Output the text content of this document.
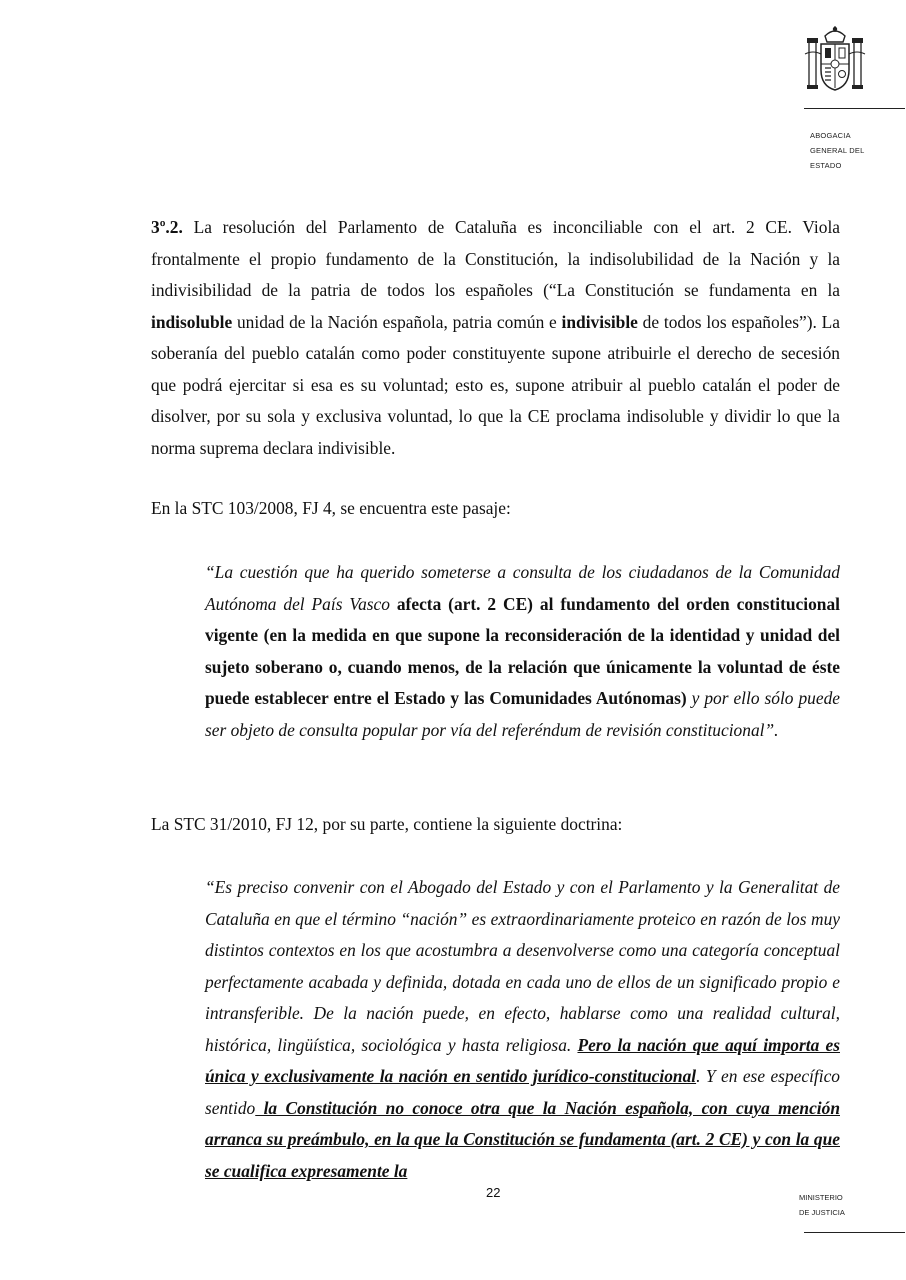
ABOGACIA
GENERAL DEL
ESTADO
3º.2. La resolución del Parlamento de Cataluña es inconciliable con el art. 2 CE. Viola frontalmente el propio fundamento de la Constitución, la indisolubilidad de la Nación y la indivisibilidad de la patria de todos los españoles (“La Constitución se fundamenta en la indisoluble unidad de la Nación española, patria común e indivisible de todos los españoles”). La soberanía del pueblo catalán como poder constituyente supone atribuirle el derecho de secesión que podrá ejercitar si esa es su voluntad; esto es, supone atribuir al pueblo catalán el poder de disolver, por su sola y exclusiva voluntad, lo que la CE proclama indisoluble y dividir lo que la norma suprema declara indivisible.
En la STC 103/2008, FJ 4, se encuentra este pasaje:
“La cuestión que ha querido someterse a consulta de los ciudadanos de la Comunidad Autónoma del País Vasco afecta (art. 2 CE) al fundamento del orden constitucional vigente (en la medida en que supone la reconsideración de la identidad y unidad del sujeto soberano o, cuando menos, de la relación que únicamente la voluntad de éste puede establecer entre el Estado y las Comunidades Autónomas) y por ello sólo puede ser objeto de consulta popular por vía del referéndum de revisión constitucional”.
La STC 31/2010, FJ 12, por su parte, contiene la siguiente doctrina:
“Es preciso convenir con el Abogado del Estado y con el Parlamento y la Generalitat de Cataluña en que el término “nación” es extraordinariamente proteico en razón de los muy distintos contextos en los que acostumbra a desenvolverse como una categoría conceptual perfectamente acabada y definida, dotada en cada uno de ellos de un significado propio e intransferible. De la nación puede, en efecto, hablarse como una realidad cultural, histórica, lingüística, sociológica y hasta religiosa. Pero la nación que aquí importa es única y exclusivamente la nación en sentido jurídico-constitucional. Y en ese específico sentido la Constitución no conoce otra que la Nación española, con cuya mención arranca su preámbulo, en la que la Constitución se fundamenta (art. 2 CE) y con la que se cualifica expresamente la
22	MINISTERIO
DE JUSTICIA
